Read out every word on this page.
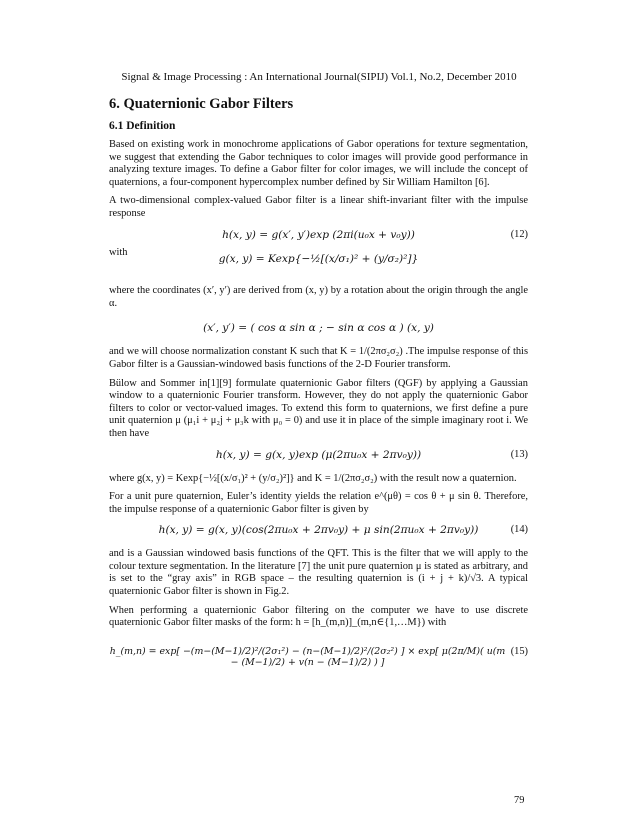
Signal & Image Processing : An International Journal(SIPIJ) Vol.1, No.2, December 2010
6. Quaternionic Gabor Filters
6.1 Definition

Based on existing work in monochrome applications of Gabor operations for texture segmentation, we suggest that extending the Gabor techniques to color images will provide good performance in analyzing texture images. To define a Gabor filter for color images, we will include the concept of quaternions, a four-component hypercomplex number defined by Sir William Hamilton [6].

A two-dimensional complex-valued Gabor filter is a linear shift-invariant filter with the impulse response

h(x, y) = g(x′, y′)exp (2πi(u₀x + v₀y))	(12)

with

g(x, y) = Kexp{−½[(x/σ₁)² + (y/σ₂)²]}

where the coordinates (x′, y′) are derived from (x, y) by a rotation about the origin through the angle α.

(x′, y′) = ( cos α sin α ; − sin α cos α ) (x, y)

and we will choose normalization constant K such that K = 1/(2πσ₂σ₂) .The impulse response of this Gabor filter is a Gaussian-windowed basis functions of the 2-D Fourier transform.

Bülow and Sommer in[1][9] formulate quaternionic Gabor filters (QGF) by applying a Gaussian window to a quaternionic Fourier transform. However, they do not apply the quaternionic Gabor filters to color or vector-valued images. To extend this form to quaternions, we first define a pure unit quaternion μ (μ₁i + μ₂j + μ₃k with μ₀ = 0) and use it in place of the simple imaginary root i. We then have

h(x, y) = g(x, y)exp (μ(2πu₀x + 2πv₀y))	(13)

where g(x, y) = Kexp{−½[(x/σ₁)² + (y/σ₂)²]} and K = 1/(2πσ₂σ₂) with the result now a quaternion.

For a unit pure quaternion, Euler’s identity yields the relation e^(μθ) = cos θ + μ sin θ. Therefore, the impulse response of a quaternionic Gabor filter is given by

h(x, y) = g(x, y)(cos(2πu₀x + 2πv₀y) + μ sin(2πu₀x + 2πv₀y))	(14)

and is a Gaussian windowed basis functions of the QFT. This is the filter that we will apply to the colour texture segmentation. In the literature [7] the unit pure quaternion μ is stated as arbitrary, and is set to the “gray axis” in RGB space – the resulting quaternion is (i + j + k)/√3. A typical quaternionic Gabor filter is shown in Fig.2.

When performing a quaternionic Gabor filtering on the computer we have to use discrete quaternionic Gabor filter masks of the form: h = [h_(m,n)]_(m,n∈{1,…M}) with

h_(m,n) = exp[ −(m−(M−1)/2)²/(2σ₁²) − (n−(M−1)/2)²/(2σ₂²) ] × exp[ μ(2π/M)( u(m − (M−1)/2) + v(n − (M−1)/2) ) ]
(15)
79
